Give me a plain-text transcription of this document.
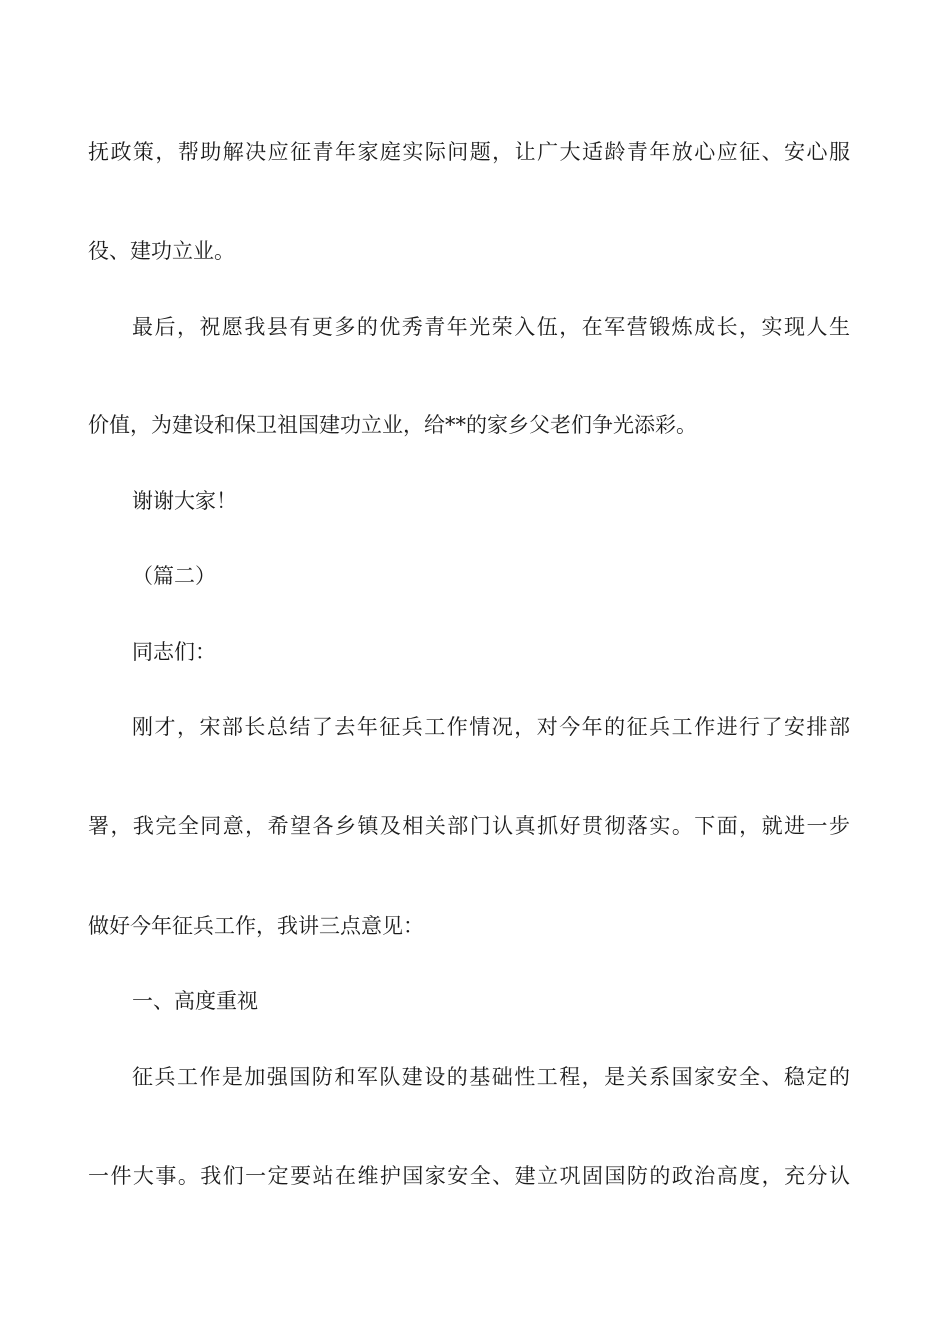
抚政策，帮助解决应征青年家庭实际问题，让广大适龄青年放心应征、安心服
役、建功立业。
最后，祝愿我县有更多的优秀青年光荣入伍，在军营锻炼成长，实现人生
价值，为建设和保卫祖国建功立业，给**的家乡父老们争光添彩。
谢谢大家！
（篇二）
同志们：
刚才，宋部长总结了去年征兵工作情况，对今年的征兵工作进行了安排部
署，我完全同意，希望各乡镇及相关部门认真抓好贯彻落实。下面，就进一步
做好今年征兵工作，我讲三点意见：
一、高度重视
征兵工作是加强国防和军队建设的基础性工程，是关系国家安全、稳定的
一件大事。我们一定要站在维护国家安全、建立巩固国防的政治高度，充分认
